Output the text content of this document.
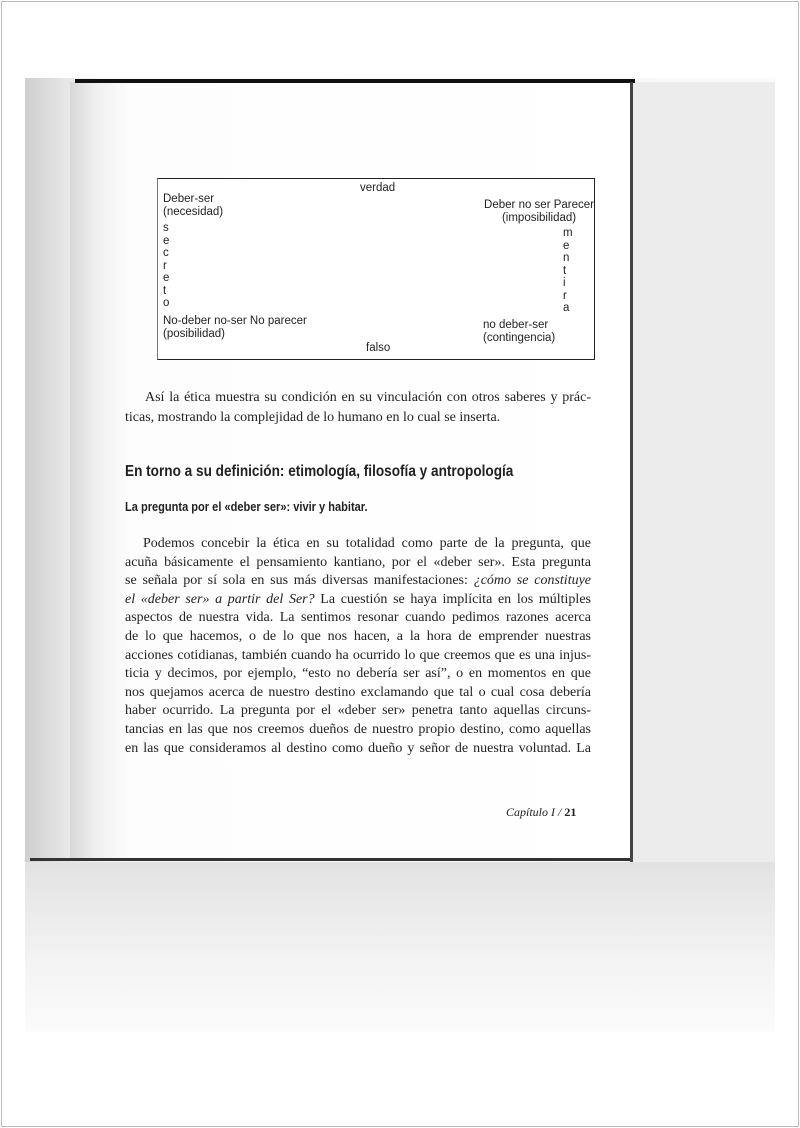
verdad
Deber-ser
(necesidad)
Deber no ser Parecer
(imposibilidad)
s
e
c
r
e
t
o
m
e
n
t
i
r
a
No-deber no-ser No parecer
(posibilidad)
no deber-ser
(contingencia)
falso
Así la ética muestra su condición en su vinculación con otros saberes y prác-
ticas, mostrando la complejidad de lo humano en lo cual se inserta.
En torno a su definición: etimología, filosofía y antropología
La pregunta por el «deber ser»: vivir y habitar.
Podemos concebir la ética en su totalidad como parte de la pregunta, que
acuña básicamente el pensamiento kantiano, por el «deber ser». Esta pregunta
se señala por sí sola en sus más diversas manifestaciones: ¿cómo se constituye
el «deber ser» a partir del Ser? La cuestión se haya implícita en los múltiples
aspectos de nuestra vida. La sentimos resonar cuando pedimos razones acerca
de lo que hacemos, o de lo que nos hacen, a la hora de emprender nuestras
acciones cotidianas, también cuando ha ocurrido lo que creemos que es una injus-
ticia y decimos, por ejemplo, “esto no debería ser así”, o en momentos en que
nos quejamos acerca de nuestro destino exclamando que tal o cual cosa debería
haber ocurrido. La pregunta por el «deber ser» penetra tanto aquellas circuns-
tancias en las que nos creemos dueños de nuestro propio destino, como aquellas
en las que consideramos al destino como dueño y señor de nuestra voluntad. La
Capítulo I / 21
